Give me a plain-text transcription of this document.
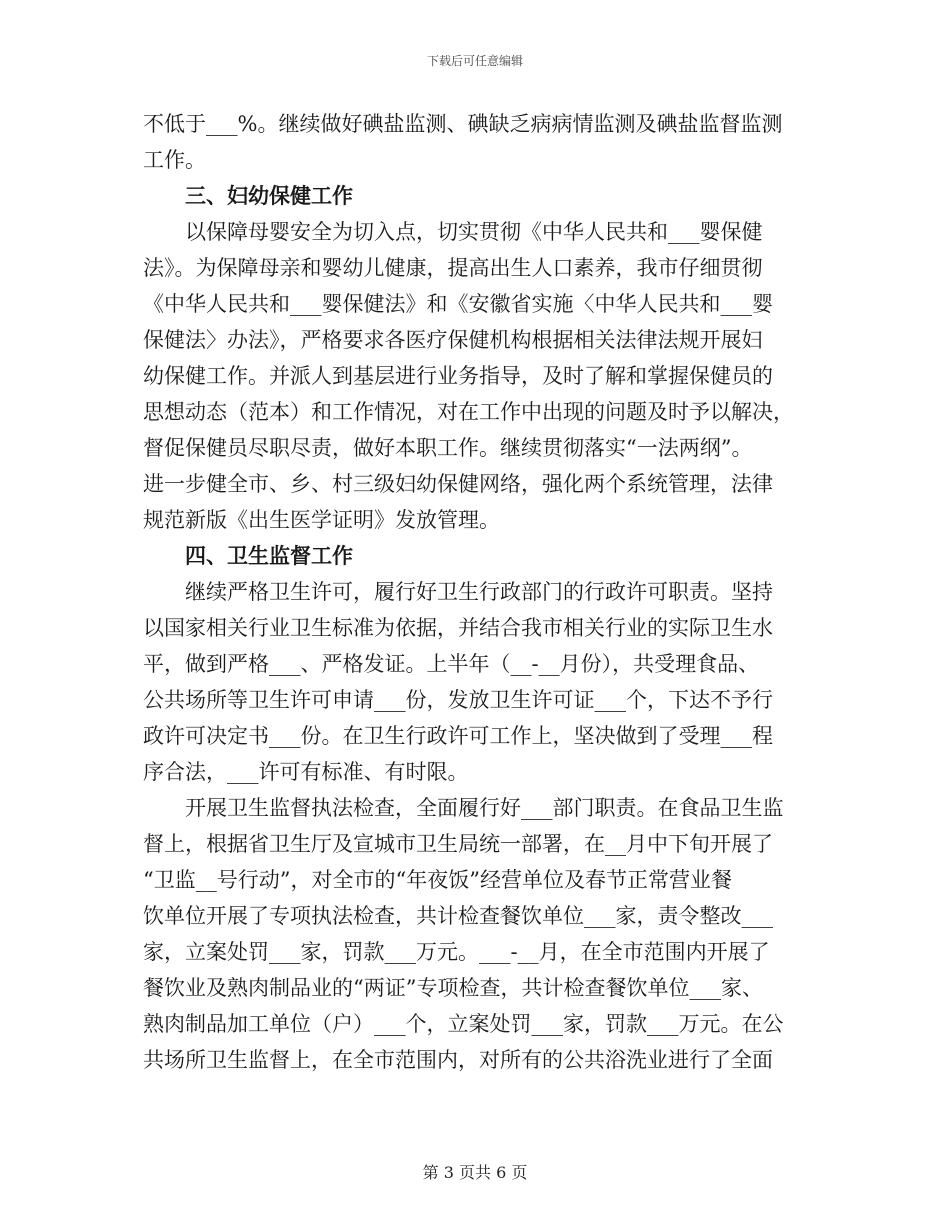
下载后可任意编辑
不低于___%。继续做好碘盐监测、碘缺乏病病情监测及碘盐监督监测
工作。
三、妇幼保健工作
以保障母婴安全为切入点，切实贯彻《中华人民共和___婴保健
法》。为保障母亲和婴幼儿健康，提高出生人口素养，我市仔细贯彻
《中华人民共和___婴保健法》和《安徽省实施〈中华人民共和___婴
保健法〉办法》，严格要求各医疗保健机构根据相关法律法规开展妇
幼保健工作。并派人到基层进行业务指导，及时了解和掌握保健员的
思想动态（范本）和工作情况，对在工作中出现的问题及时予以解决，
督促保健员尽职尽责，做好本职工作。继续贯彻落实“一法两纲”。
进一步健全市、乡、村三级妇幼保健网络，强化两个系统管理，法律
规范新版《出生医学证明》发放管理。
四、卫生监督工作
继续严格卫生许可，履行好卫生行政部门的行政许可职责。坚持
以国家相关行业卫生标准为依据，并结合我市相关行业的实际卫生水
平，做到严格___、严格发证。上半年（__-__月份），共受理食品、
公共场所等卫生许可申请___份，发放卫生许可证___个，下达不予行
政许可决定书___份。在卫生行政许可工作上，坚决做到了受理___程
序合法，___许可有标准、有时限。
开展卫生监督执法检查，全面履行好___部门职责。在食品卫生监
督上，根据省卫生厅及宣城市卫生局统一部署，在__月中下旬开展了
“卫监__号行动”，对全市的“年夜饭”经营单位及春节正常营业餐
饮单位开展了专项执法检查，共计检查餐饮单位___家，责令整改___
家，立案处罚___家，罚款___万元。___-__月，在全市范围内开展了
餐饮业及熟肉制品业的“两证”专项检查，共计检查餐饮单位___家、
熟肉制品加工单位（户）___个，立案处罚___家，罚款___万元。在公
共场所卫生监督上，在全市范围内，对所有的公共浴洗业进行了全面
第 3 页共 6 页
